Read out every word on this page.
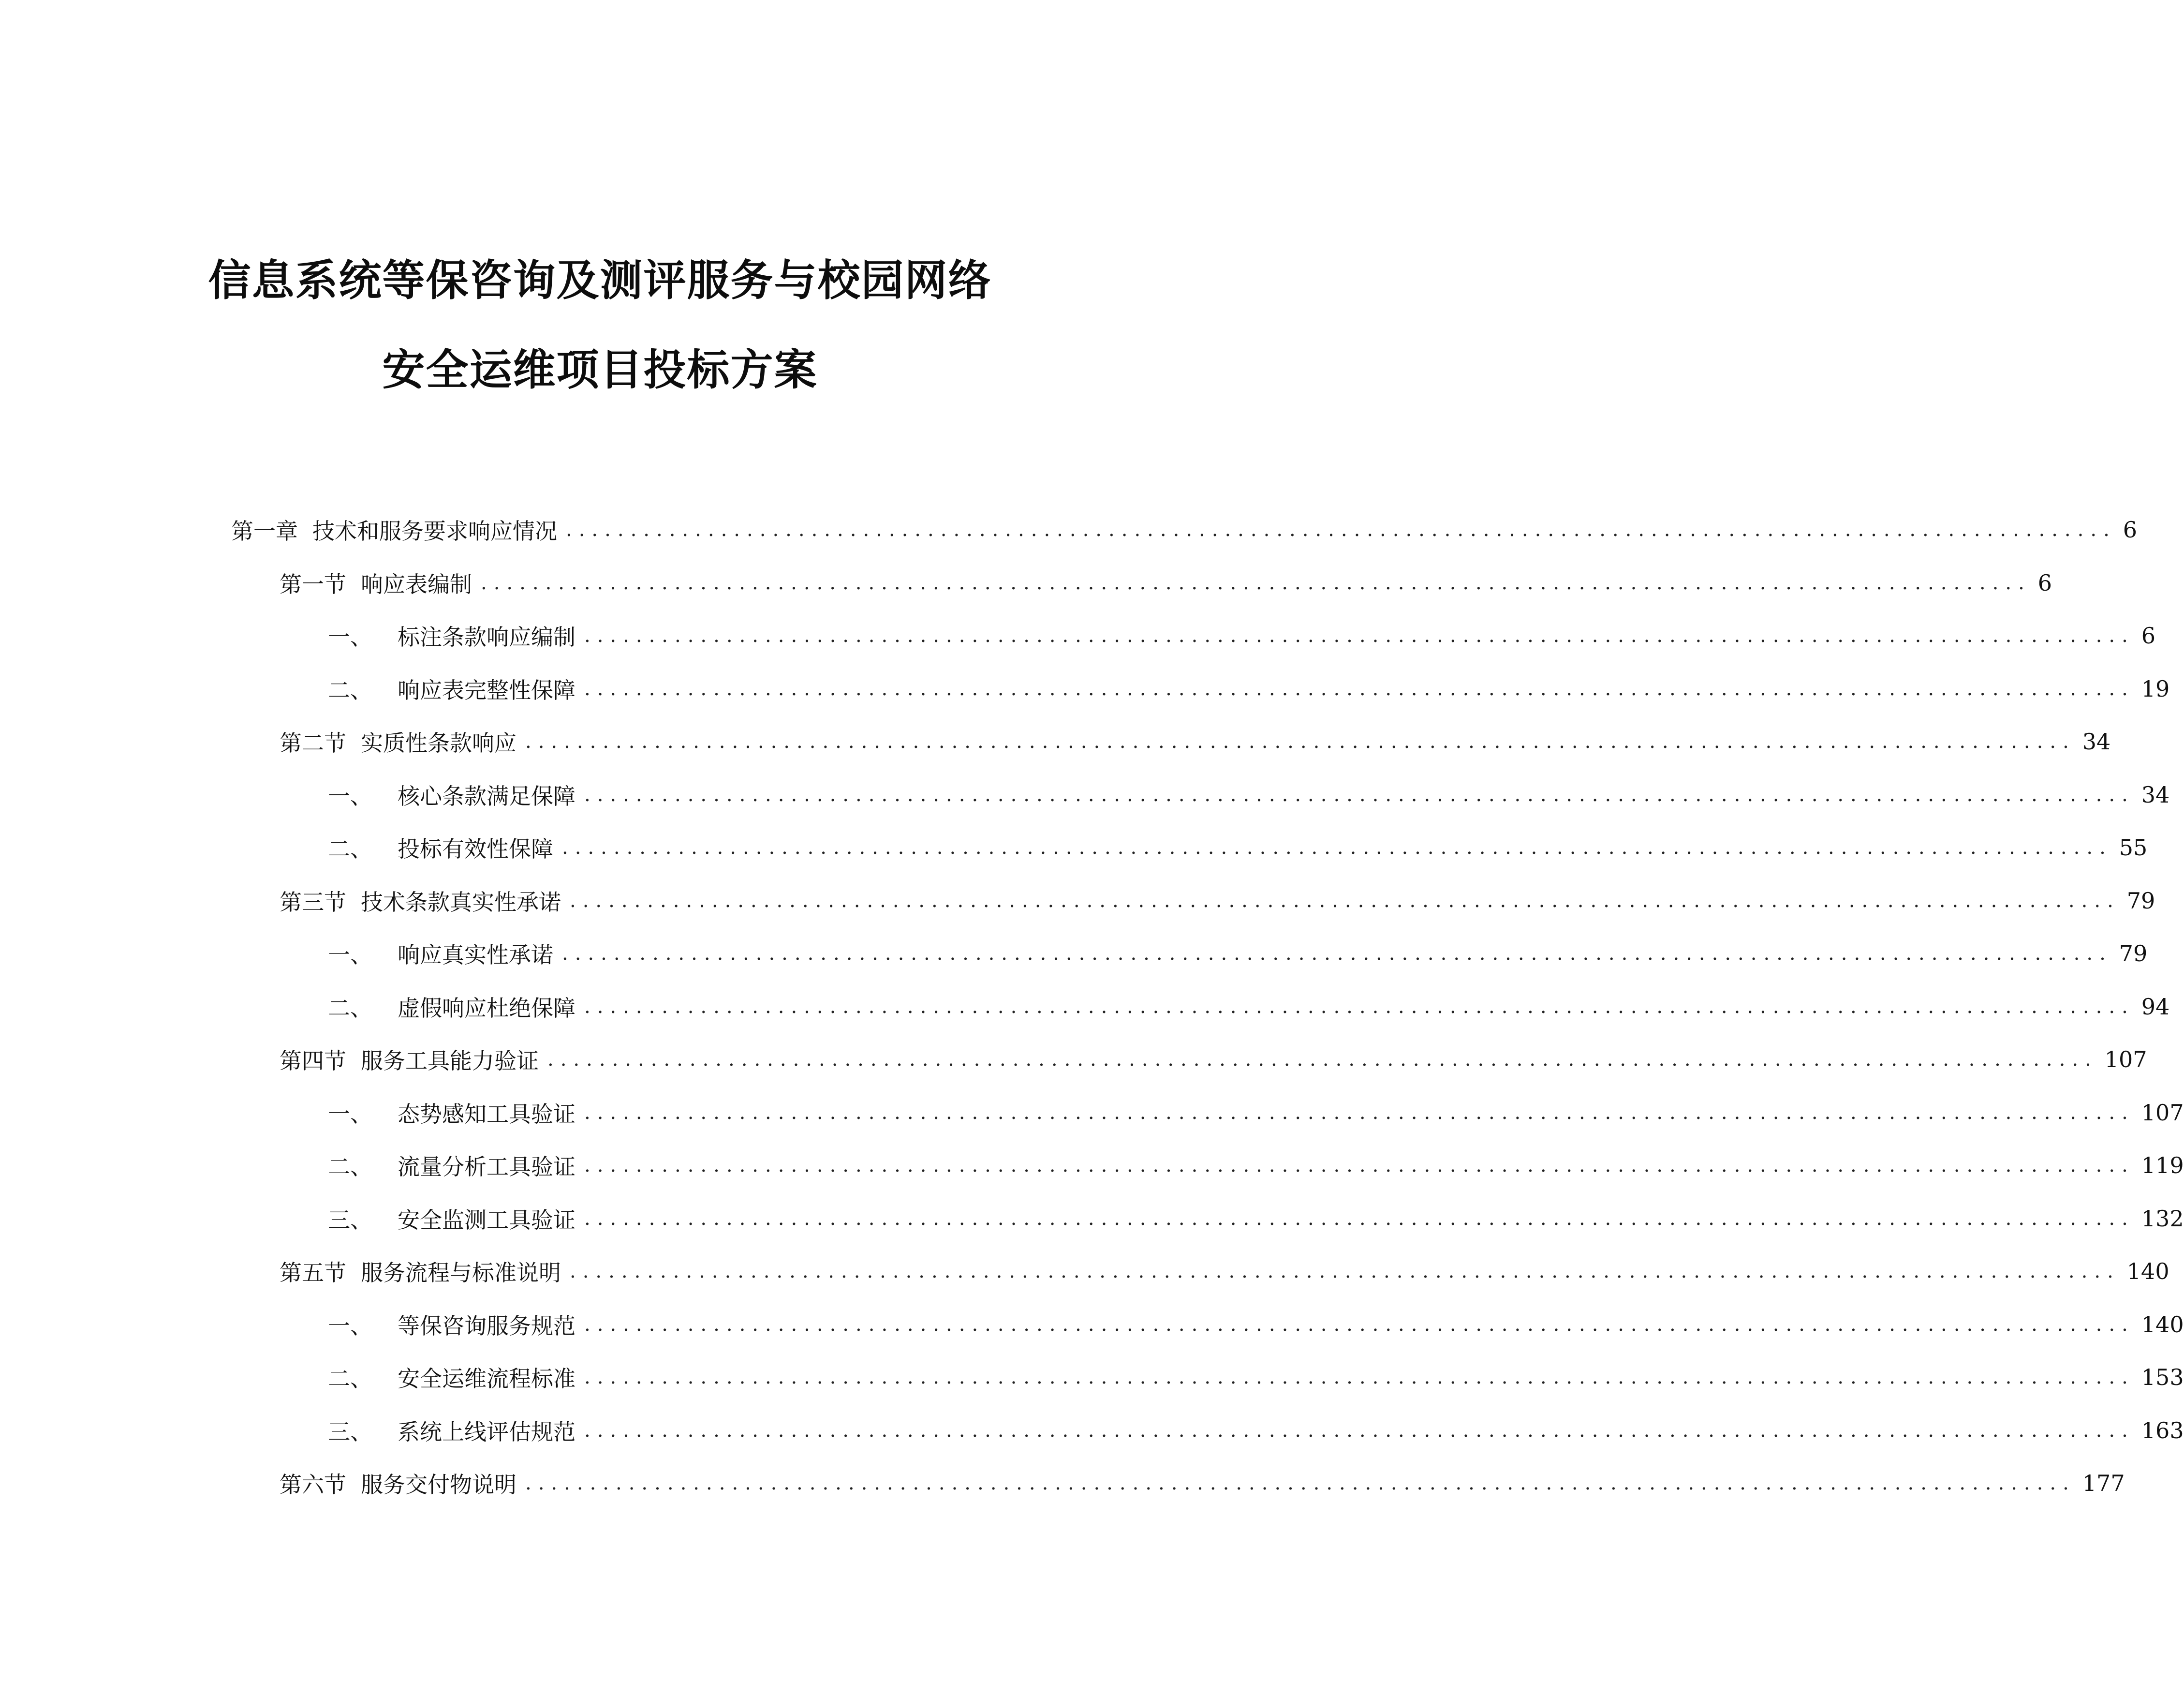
信息系统等保咨询及测评服务与校园网络
安全运维项目投标方案
第一章 技术和服务要求响应情况 ........................................................................................................................ 6
第一节 响应表编制 ........................................................................................................................ 6
一、 标注条款响应编制 ........................................................................................................................ 6
二、 响应表完整性保障 ........................................................................................................................ 19
第二节 实质性条款响应 ........................................................................................................................ 34
一、 核心条款满足保障 ........................................................................................................................ 34
二、 投标有效性保障 ........................................................................................................................ 55
第三节 技术条款真实性承诺 ........................................................................................................................ 79
一、 响应真实性承诺 ........................................................................................................................ 79
二、 虚假响应杜绝保障 ........................................................................................................................ 94
第四节 服务工具能力验证 ........................................................................................................................ 107
一、 态势感知工具验证 ........................................................................................................................ 107
二、 流量分析工具验证 ........................................................................................................................ 119
三、 安全监测工具验证 ........................................................................................................................ 132
第五节 服务流程与标准说明 ........................................................................................................................ 140
一、 等保咨询服务规范 ........................................................................................................................ 140
二、 安全运维流程标准 ........................................................................................................................ 153
三、 系统上线评估规范 ........................................................................................................................ 163
第六节 服务交付物说明 ........................................................................................................................ 177
